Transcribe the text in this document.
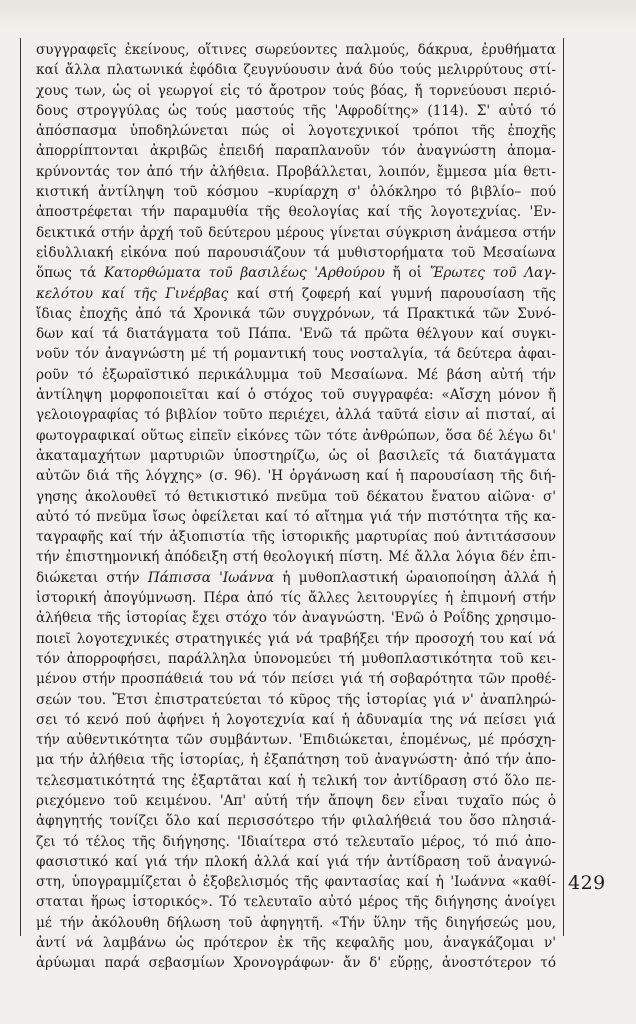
συγγραφεῖς ἐκείνους, οἵτινες σωρεύοντες παλμούς, δάκρυα, ἐρυθήματα
καί ἄλλα πλατωνικά ἐφόδια ζευγνύουσιν ἀνά δύο τούς μελιρρύτους στί-
χους των, ὡς οἱ γεωργοί εἰς τό ἄροτρον τούς βόας, ἤ τορνεύουσι περιό-
δους στρογγύλας ὡς τούς μαστούς τῆς 'Αφροδίτης» (114). Σ' αὐτό τό
ἀπόσπασμα ὑποδηλώνεται πώς οἱ λογοτεχνικοί τρόποι τῆς ἐποχῆς
ἀπορρίπτονται ἀκριβῶς ἐπειδή παραπλανοῦν τόν ἀναγνώστη ἀπομα-
κρύνοντάς τον ἀπό τήν ἀλήθεια. Προβάλλεται, λοιπόν, ἔμμεσα μία θετι-
κιστική ἀντίληψη τοῦ κόσμου –κυρίαρχη σ' ὁλόκληρο τό βιβλίο– πού
ἀποστρέφεται τήν παραμυθία τῆς θεολογίας καί τῆς λογοτεχνίας. 'Εν-
δεικτικά στήν ἀρχή τοῦ δεύτερου μέρους γίνεται σύγκριση ἀνάμεσα στήν
εἰδυλλιακή εἰκόνα πού παρουσιάζουν τά μυθιστορήματα τοῦ Μεσαίωνα
ὅπως τά Κατορθώματα τοῦ βασιλέως 'Αρθούρου ἤ οἱ Ἔρωτες τοῦ Λαγ-
κελότου καί τῆς Γινέρβας καί στή ζοφερή καί γυμνή παρουσίαση τῆς
ἴδιας ἐποχῆς ἀπό τά Χρονικά τῶν συγχρόνων, τά Πρακτικά τῶν Συνό-
δων καί τά διατάγματα τοῦ Πάπα. 'Ενῶ τά πρῶτα θέλγουν καί συγκι-
νοῦν τόν ἀναγνώστη μέ τή ρομαντική τους νοσταλγία, τά δεύτερα ἀφαι-
ροῦν τό ἐξωραϊστικό περικάλυμμα τοῦ Μεσαίωνα. Μέ βάση αὐτή τήν
ἀντίληψη μορφοποιεῖται καί ὁ στόχος τοῦ συγγραφέα: «Αἴσχη μόνον ἤ
γελοιογραφίας τό βιβλίον τοῦτο περιέχει, ἀλλά ταῦτά εἰσιν αἱ πισταί, αἱ
φωτογραφικαί οὕτως εἰπεῖν εἰκόνες τῶν τότε ἀνθρώπων, ὅσα δέ λέγω δι'
ἀκαταμαχήτων μαρτυριῶν ὑποστηρίζω, ὡς οἱ βασιλεῖς τά διατάγματα
αὐτῶν διά τῆς λόγχης» (σ. 96). 'Η ὀργάνωση καί ἡ παρουσίαση τῆς διή-
γησης ἀκολουθεῖ τό θετικιστικό πνεῦμα τοῦ δέκατου ἔνατου αἰῶνα· σ'
αὐτό τό πνεῦμα ἴσως ὀφείλεται καί τό αἴτημα γιά τήν πιστότητα τῆς κα-
ταγραφῆς καί τήν ἀξιοπιστία τῆς ἱστορικῆς μαρτυρίας πού ἀντιτάσσουν
τήν ἐπιστημονική ἀπόδειξη στή θεολογική πίστη. Μέ ἄλλα λόγια δέν ἐπι-
διώκεται στήν Πάπισσα 'Ιωάννα ἡ μυθοπλαστική ὡραιοποίηση ἀλλά ἡ
ἱστορική ἀπογύμνωση. Πέρα ἀπό τίς ἄλλες λειτουργίες ἡ ἐπιμονή στήν
ἀλήθεια τῆς ἱστορίας ἔχει στόχο τόν ἀναγνώστη. 'Ενῶ ὁ Ροΐδης χρησιμο-
ποιεῖ λογοτεχνικές στρατηγικές γιά νά τραβήξει τήν προσοχή του καί νά
τόν ἀπορροφήσει, παράλληλα ὑπονομεύει τή μυθοπλαστικότητα τοῦ κει-
μένου στήν προσπάθειά του νά τόν πείσει γιά τή σοβαρότητα τῶν προθέ-
σεών του. Ἔτσι ἐπιστρατεύεται τό κῦρος τῆς ἱστορίας γιά ν' ἀναπληρώ-
σει τό κενό πού ἀφήνει ἡ λογοτεχνία καί ἡ ἀδυναμία της νά πείσει γιά
τήν αὐθεντικότητα τῶν συμβάντων. 'Επιδιώκεται, ἑπομένως, μέ πρόσχη-
μα τήν ἀλήθεια τῆς ἱστορίας, ἡ ἐξαπάτηση τοῦ ἀναγνώστη· ἀπό τήν ἀπο-
τελεσματικότητά της ἐξαρτᾶται καί ἡ τελική τον ἀντίδραση στό ὅλο πε-
ριεχόμενο τοῦ κειμένου. 'Απ' αὐτή τήν ἄποψη δεν εἶναι τυχαῖο πώς ὁ
ἀφηγητής τονίζει ὅλο καί περισσότερο τήν φιλαλήθειά του ὅσο πλησιά-
ζει τό τέλος τῆς διήγησης. 'Ιδιαίτερα στό τελευταῖο μέρος, τό πιό ἀπο-
φασιστικό καί γιά τήν πλοκή ἀλλά καί γιά τήν ἀντίδραση τοῦ ἀναγνώ-
στη, ὑπογραμμίζεται ὁ ἐξοβελισμός τῆς φαντασίας καί ἡ 'Ιωάννα «καθί-
σταται ἥρως ἱστορικός». Τό τελευταῖο αὐτό μέρος τῆς διήγησης ἀνοίγει
μέ τήν ἀκόλουθη δήλωση τοῦ ἀφηγητῆ. «Τήν ὕλην τῆς διηγήσεώς μου,
ἀντί νά λαμβάνω ὡς πρότερον ἐκ τῆς κεφαλῆς μου, ἀναγκάζομαι ν'
ἀρύωμαι παρά σεβασμίων Χρονογράφων· ἄν δ' εὕρῃς, ἀνοστότερον τό
429
